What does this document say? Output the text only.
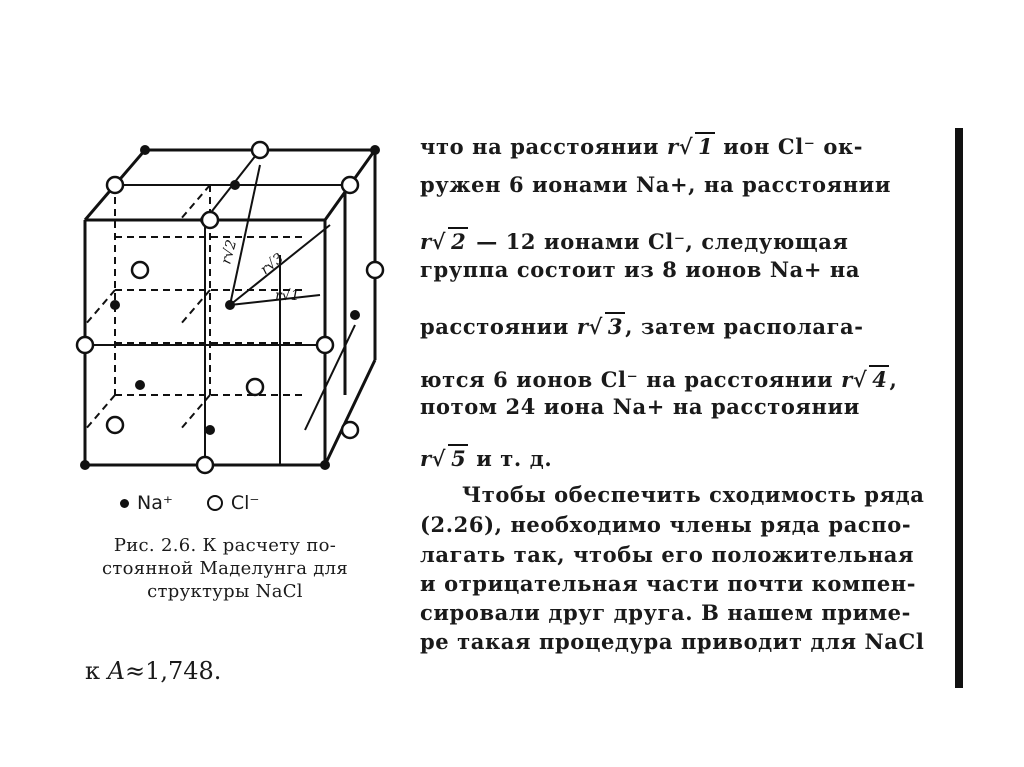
r√2 r√3
r√1
Na⁺	Cl⁻
Рис. 2.6. К расчету по-
стоянной Маделунга для
структуры NaCl
к A≈1,748.
что на расстоянии r√ 1 ион Cl⁻ ок-
ружен 6 ионами Na+, на расстоянии
r√ 2 — 12 ионами Cl⁻, следующая
группа состоит из 8 ионов Na+ на
расстоянии r√ 3, затем располага-
ются 6 ионов Cl⁻ на расстоянии r√ 4,
потом 24 иона Na+ на расстоянии
r√ 5 и т. д.
Чтобы обеспечить сходимость ряда
(2.26), необходимо члены ряда распо-
лагать так, чтобы его положительная
и отрицательная части почти компен-
сировали друг друга. В нашем приме-
ре такая процедура приводит для NaCl
